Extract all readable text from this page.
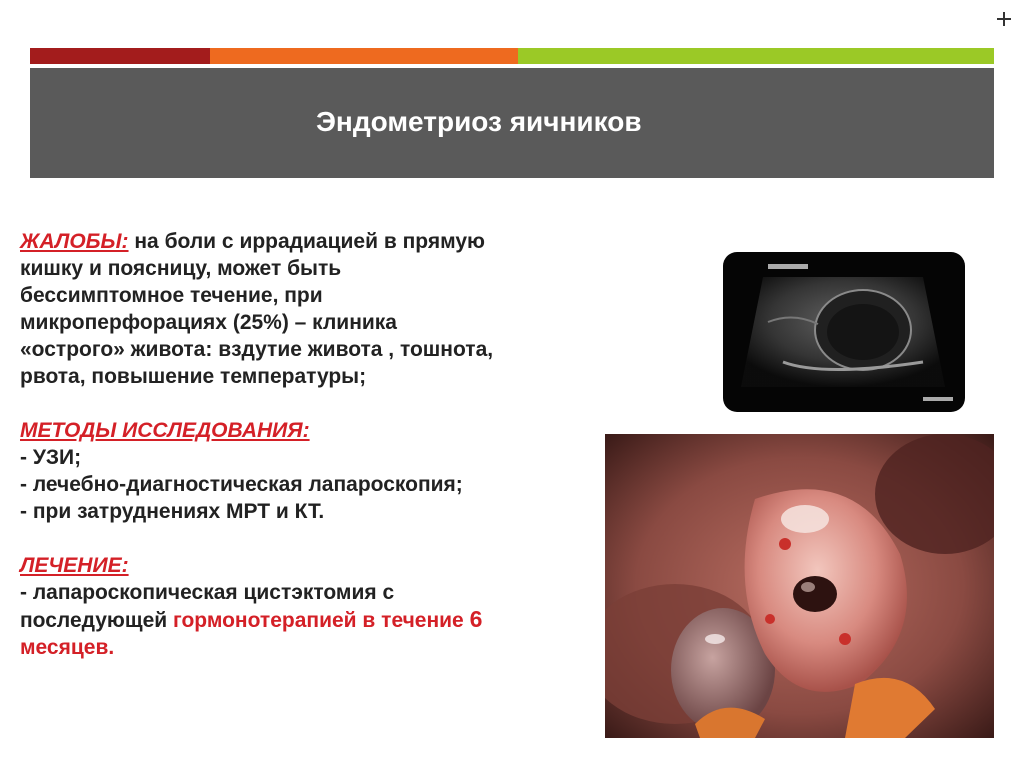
Эндометриоз яичников

ЖАЛОБЫ: на боли с иррадиацией в прямую

кишку и поясницу, может быть

бессимптомное течение, при

микроперфорациях (25%) – клиника

«острого» живота: вздутие живота , тошнота,

рвота, повышение температуры;

МЕТОДЫ ИССЛЕДОВАНИЯ:

- УЗИ;

- лечебно-диагностическая лапароскопия;

- при затруднениях МРТ и КТ.

ЛЕЧЕНИЕ:

- лапароскопическая цистэктомия с

последующей гормонотерапией в течение 6

месяцев.
